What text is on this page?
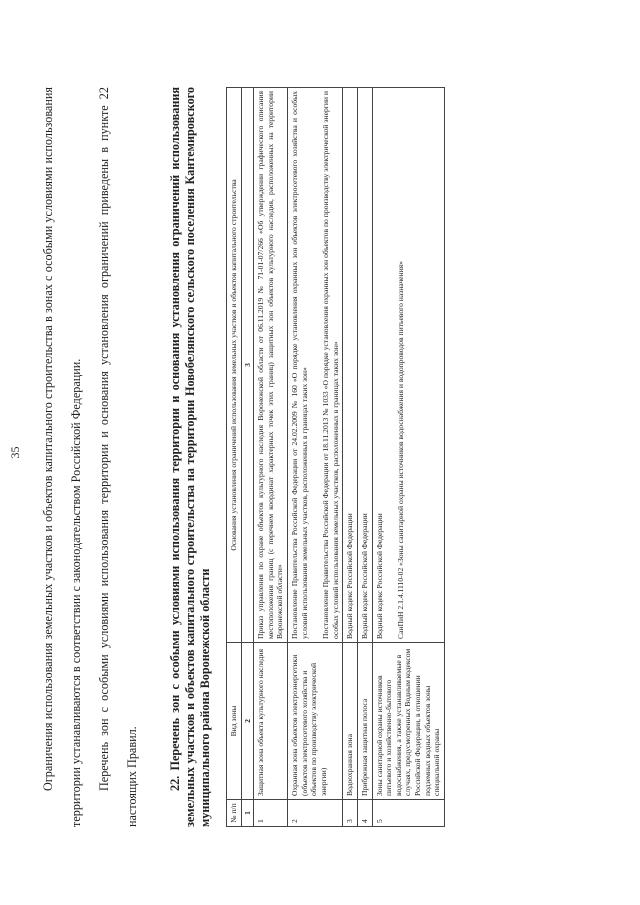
35	Ограничения использования земельных участков и объектов капитального строительства в зонах с особыми условиями использования территории устанавливаются в соответствии с законодательством Российской Федерации.	Перечень зон с особыми условиями использования территории и основания установления ограничений приведены в пункте 22 настоящих Правил.	22. Перечень зон с особыми условиями использования территории и основания установления ограничений использования земельных участков и объектов капитального строительства на территории Новобелянского сельского поселения Кантемировского муниципального района Воронежской области № п/п	Вид зоны	Основания установления ограничений использования земельных участков и объектов капитального строительства
1	2	3
1	Защитная зона объекта культурного наследия	Приказ управления по охране объектов культурного наследия Воронежской области от 06.11.2019 № 71-01-07/266 «Об утверждении графического описания местоположения границ (с перечнем координат характерных точек этих границ) защитных зон объектов культурного наследия, расположенных на территории Воронежской области»

2	Охранная зона объектов электроэнергетики (объектов электросетевого хозяйства и объектов по производству электрической энергии)	Постановление Правительства Российской Федерации от 24.02.2009 № 160 «О порядке установления охранных зон объектов электросетевого хозяйства и особых условий использования земельных участков, расположенных в границах таких зон» Постановление Правительства Российской Федерации от 18.11.2013 № 1033 «О порядке установления охранных зон объектов по производству электрической энергии и особых условий использования земельных участков, расположенных в границах таких зон»

3	Водоохранная зона	Водный кодекс Российской Федерации

4	Прибрежная защитная полоса	Водный кодекс Российской Федерации

5	Зоны санитарной охраны источников питьевого и хозяйственно-бытового водоснабжения, а также устанавливаемые в случаях, предусмотренных Водным кодексом Российской Федерации, в отношении подземных водных объектов зоны специальной охраны	Водный кодекс Российской Федерации СанПиН 2.1.4.1110-02 «Зоны санитарной охраны источников водоснабжения и водопроводов питьевого назначения»
